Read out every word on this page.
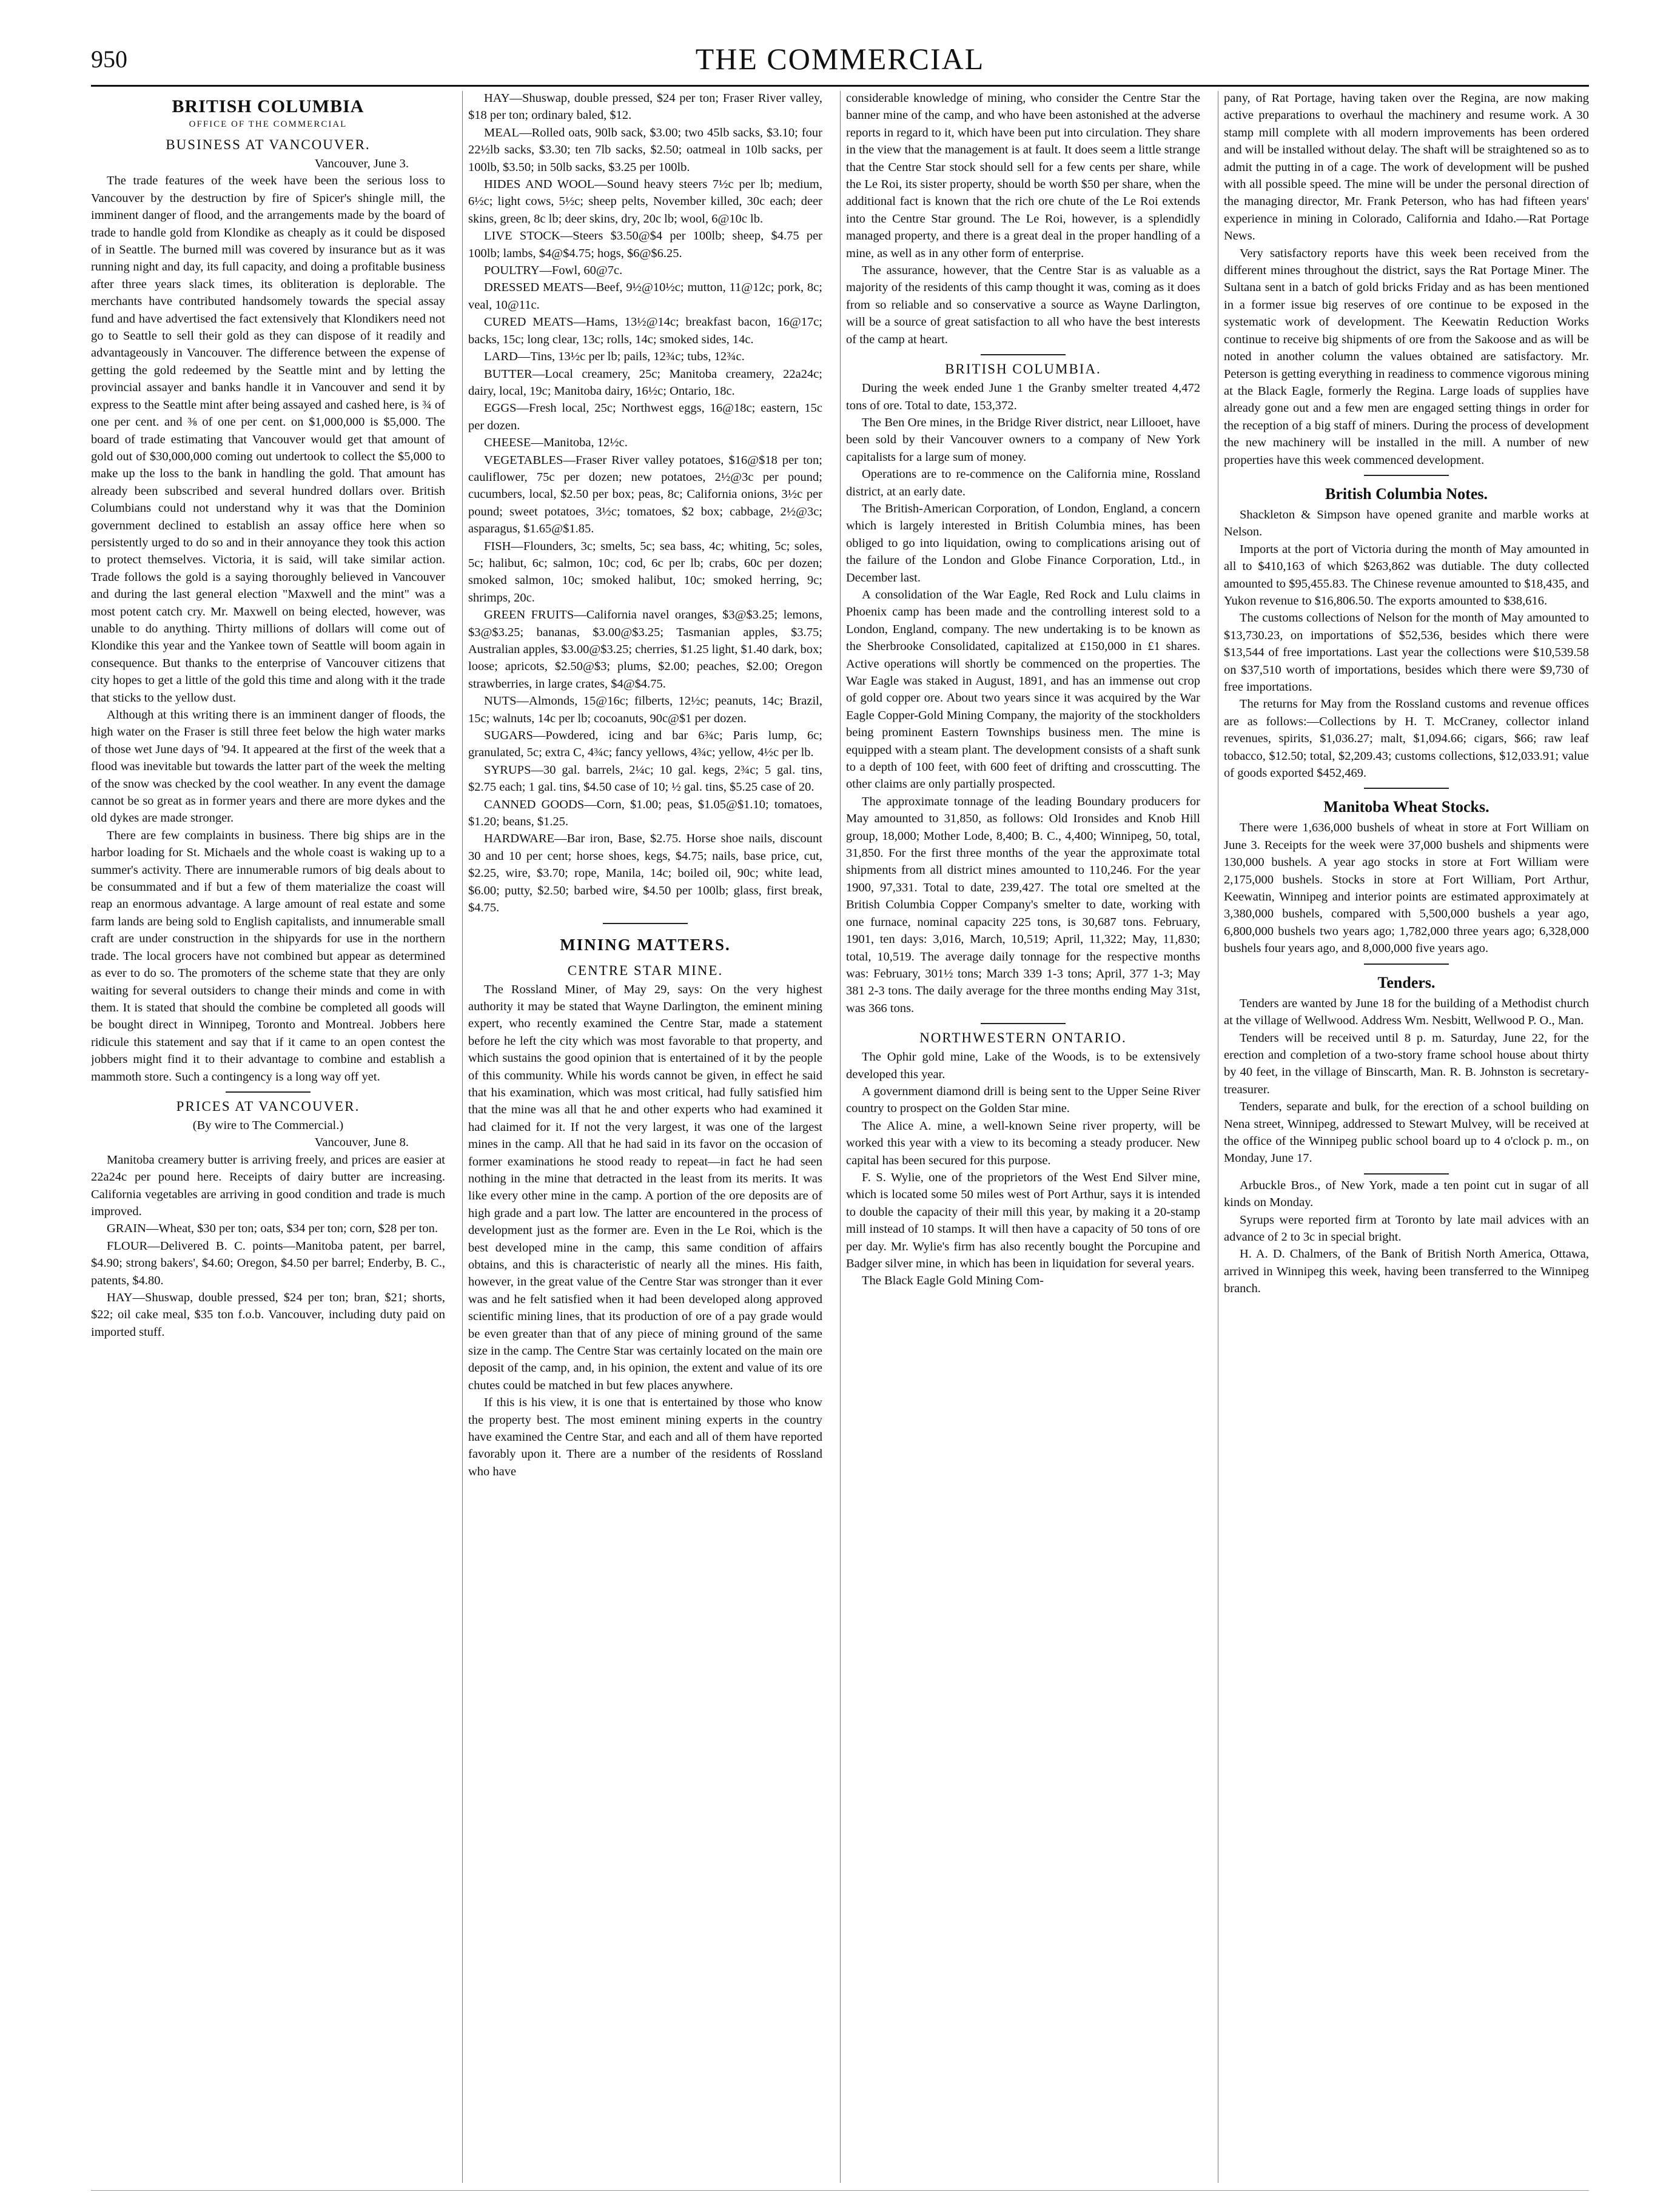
950	THE COMMERCIAL
BRITISH COLUMBIA
OFFICE OF THE COMMERCIAL
BUSINESS AT VANCOUVER.

Vancouver, June 3.

The trade features of the week have been the serious loss to Vancouver by the destruction by fire of Spicer's shingle mill, the imminent danger of flood, and the arrangements made by the board of trade to handle gold from Klondike as cheaply as it could be disposed of in Seattle. The burned mill was covered by insurance but as it was running night and day, its full capacity, and doing a profitable business after three years slack times, its obliteration is deplorable. The merchants have contributed handsomely towards the special assay fund and have advertised the fact extensively that Klondikers need not go to Seattle to sell their gold as they can dispose of it readily and advantageously in Vancouver. The difference between the expense of getting the gold redeemed by the Seattle mint and by letting the provincial assayer and banks handle it in Vancouver and send it by express to the Seattle mint after being assayed and cashed here, is ¾ of one per cent. and ⅜ of one per cent. on $1,000,000 is $5,000. The board of trade estimating that Vancouver would get that amount of gold out of $30,000,000 coming out undertook to collect the $5,000 to make up the loss to the bank in handling the gold. That amount has already been subscribed and several hundred dollars over. British Columbians could not understand why it was that the Dominion government declined to establish an assay office here when so persistently urged to do so and in their annoyance they took this action to protect themselves. Victoria, it is said, will take similar action. Trade follows the gold is a saying thoroughly believed in Vancouver and during the last general election "Maxwell and the mint" was a most potent catch cry. Mr. Maxwell on being elected, however, was unable to do anything. Thirty millions of dollars will come out of Klondike this year and the Yankee town of Seattle will boom again in consequence. But thanks to the enterprise of Vancouver citizens that city hopes to get a little of the gold this time and along with it the trade that sticks to the yellow dust.

Although at this writing there is an imminent danger of floods, the high water on the Fraser is still three feet below the high water marks of those wet June days of '94. It appeared at the first of the week that a flood was inevitable but towards the latter part of the week the melting of the snow was checked by the cool weather. In any event the damage cannot be so great as in former years and there are more dykes and the old dykes are made stronger.

There are few complaints in business. There big ships are in the harbor loading for St. Michaels and the whole coast is waking up to a summer's activity. There are innumerable rumors of big deals about to be consummated and if but a few of them materialize the coast will reap an enormous advantage. A large amount of real estate and some farm lands are being sold to English capitalists, and innumerable small craft are under construction in the shipyards for use in the northern trade. The local grocers have not combined but appear as determined as ever to do so. The promoters of the scheme state that they are only waiting for several outsiders to change their minds and come in with them. It is stated that should the combine be completed all goods will be bought direct in Winnipeg, Toronto and Montreal. Jobbers here ridicule this statement and say that if it came to an open contest the jobbers might find it to their advantage to combine and establish a mammoth store. Such a contingency is a long way off yet.

PRICES AT VANCOUVER.

(By wire to The Commercial.)

Vancouver, June 8.

Manitoba creamery butter is arriving freely, and prices are easier at 22a24c per pound here. Receipts of dairy butter are increasing. California vegetables are arriving in good condition and trade is much improved.

GRAIN—Wheat, $30 per ton; oats, $34 per ton; corn, $28 per ton.

FLOUR—Delivered B. C. points—Manitoba patent, per barrel, $4.90; strong bakers', $4.60; Oregon, $4.50 per barrel; Enderby, B. C., patents, $4.80.

HAY—Shuswap, double pressed, $24 per ton; bran, $21; shorts, $22; oil cake meal, $35 ton f.o.b. Vancouver, including duty paid on imported stuff.

HAY—Shuswap, double pressed, $24 per ton; Fraser River valley, $18 per ton; ordinary baled, $12.

MEAL—Rolled oats, 90lb sack, $3.00; two 45lb sacks, $3.10; four 22½lb sacks, $3.30; ten 7lb sacks, $2.50; oatmeal in 10lb sacks, per 100lb, $3.50; in 50lb sacks, $3.25 per 100lb.

HIDES AND WOOL—Sound heavy steers 7½c per lb; medium, 6½c; light cows, 5½c; sheep pelts, November killed, 30c each; deer skins, green, 8c lb; deer skins, dry, 20c lb; wool, 6@10c lb.

LIVE STOCK—Steers $3.50@$4 per 100lb; sheep, $4.75 per 100lb; lambs, $4@$4.75; hogs, $6@$6.25.

POULTRY—Fowl, 60@7c.

DRESSED MEATS—Beef, 9½@10½c; mutton, 11@12c; pork, 8c; veal, 10@11c.

CURED MEATS—Hams, 13½@14c; breakfast bacon, 16@17c; backs, 15c; long clear, 13c; rolls, 14c; smoked sides, 14c.

LARD—Tins, 13½c per lb; pails, 12¾c; tubs, 12¾c.

BUTTER—Local creamery, 25c; Manitoba creamery, 22a24c; dairy, local, 19c; Manitoba dairy, 16½c; Ontario, 18c.

EGGS—Fresh local, 25c; Northwest eggs, 16@18c; eastern, 15c per dozen.

CHEESE—Manitoba, 12½c.

VEGETABLES—Fraser River valley potatoes, $16@$18 per ton; cauliflower, 75c per dozen; new potatoes, 2½@3c per pound; cucumbers, local, $2.50 per box; peas, 8c; California onions, 3½c per pound; sweet potatoes, 3½c; tomatoes, $2 box; cabbage, 2½@3c; asparagus, $1.65@$1.85.

FISH—Flounders, 3c; smelts, 5c; sea bass, 4c; whiting, 5c; soles, 5c; halibut, 6c; salmon, 10c; cod, 6c per lb; crabs, 60c per dozen; smoked salmon, 10c; smoked halibut, 10c; smoked herring, 9c; shrimps, 20c.

GREEN FRUITS—California navel oranges, $3@$3.25; lemons, $3@$3.25; bananas, $3.00@$3.25; Tasmanian apples, $3.75; Australian apples, $3.00@$3.25; cherries, $1.25 light, $1.40 dark, box; loose; apricots, $2.50@$3; plums, $2.00; peaches, $2.00; Oregon strawberries, in large crates, $4@$4.75.

NUTS—Almonds, 15@16c; filberts, 12½c; peanuts, 14c; Brazil, 15c; walnuts, 14c per lb; cocoanuts, 90c@$1 per dozen.

SUGARS—Powdered, icing and bar 6¾c; Paris lump, 6c; granulated, 5c; extra C, 4¾c; fancy yellows, 4¾c; yellow, 4½c per lb.

SYRUPS—30 gal. barrels, 2¼c; 10 gal. kegs, 2¾c; 5 gal. tins, $2.75 each; 1 gal. tins, $4.50 case of 10; ½ gal. tins, $5.25 case of 20.

CANNED GOODS—Corn, $1.00; peas, $1.05@$1.10; tomatoes, $1.20; beans, $1.25.

HARDWARE—Bar iron, Base, $2.75. Horse shoe nails, discount 30 and 10 per cent; horse shoes, kegs, $4.75; nails, base price, cut, $2.25, wire, $3.70; rope, Manila, 14c; boiled oil, 90c; white lead, $6.00; putty, $2.50; barbed wire, $4.50 per 100lb; glass, first break, $4.75.

MINING MATTERS.
CENTRE STAR MINE.

The Rossland Miner, of May 29, says: On the very highest authority it may be stated that Wayne Darlington, the eminent mining expert, who recently examined the Centre Star, made a statement before he left the city which was most favorable to that property, and which sustains the good opinion that is entertained of it by the people of this community. While his words cannot be given, in effect he said that his examination, which was most critical, had fully satisfied him that the mine was all that he and other experts who had examined it had claimed for it. If not the very largest, it was one of the largest mines in the camp. All that he had said in its favor on the occasion of former examinations he stood ready to repeat—in fact he had seen nothing in the mine that detracted in the least from its merits. It was like every other mine in the camp. A portion of the ore deposits are of high grade and a part low. The latter are encountered in the process of development just as the former are. Even in the Le Roi, which is the best developed mine in the camp, this same condition of affairs obtains, and this is characteristic of nearly all the mines. His faith, however, in the great value of the Centre Star was stronger than it ever was and he felt satisfied when it had been developed along approved scientific mining lines, that its production of ore of a pay grade would be even greater than that of any piece of mining ground of the same size in the camp. The Centre Star was certainly located on the main ore deposit of the camp, and, in his opinion, the extent and value of its ore chutes could be matched in but few places anywhere.

If this is his view, it is one that is entertained by those who know the property best. The most eminent mining experts in the country have examined the Centre Star, and each and all of them have reported favorably upon it. There are a number of the residents of Rossland who have

considerable knowledge of mining, who consider the Centre Star the banner mine of the camp, and who have been astonished at the adverse reports in regard to it, which have been put into circulation. They share in the view that the management is at fault. It does seem a little strange that the Centre Star stock should sell for a few cents per share, while the Le Roi, its sister property, should be worth $50 per share, when the additional fact is known that the rich ore chute of the Le Roi extends into the Centre Star ground. The Le Roi, however, is a splendidly managed property, and there is a great deal in the proper handling of a mine, as well as in any other form of enterprise.

The assurance, however, that the Centre Star is as valuable as a majority of the residents of this camp thought it was, coming as it does from so reliable and so conservative a source as Wayne Darlington, will be a source of great satisfaction to all who have the best interests of the camp at heart.

BRITISH COLUMBIA.

During the week ended June 1 the Granby smelter treated 4,472 tons of ore. Total to date, 153,372.

The Ben Ore mines, in the Bridge River district, near Lillooet, have been sold by their Vancouver owners to a company of New York capitalists for a large sum of money.

Operations are to re-commence on the California mine, Rossland district, at an early date.

The British-American Corporation, of London, England, a concern which is largely interested in British Columbia mines, has been obliged to go into liquidation, owing to complications arising out of the failure of the London and Globe Finance Corporation, Ltd., in December last.

A consolidation of the War Eagle, Red Rock and Lulu claims in Phoenix camp has been made and the controlling interest sold to a London, England, company. The new undertaking is to be known as the Sherbrooke Consolidated, capitalized at £150,000 in £1 shares. Active operations will shortly be commenced on the properties. The War Eagle was staked in August, 1891, and has an immense out crop of gold copper ore. About two years since it was acquired by the War Eagle Copper-Gold Mining Company, the majority of the stockholders being prominent Eastern Townships business men. The mine is equipped with a steam plant. The development consists of a shaft sunk to a depth of 100 feet, with 600 feet of drifting and crosscutting. The other claims are only partially prospected.

The approximate tonnage of the leading Boundary producers for May amounted to 31,850, as follows: Old Ironsides and Knob Hill group, 18,000; Mother Lode, 8,400; B. C., 4,400; Winnipeg, 50, total, 31,850. For the first three months of the year the approximate total shipments from all district mines amounted to 110,246. For the year 1900, 97,331. Total to date, 239,427. The total ore smelted at the British Columbia Copper Company's smelter to date, working with one furnace, nominal capacity 225 tons, is 30,687 tons. February, 1901, ten days: 3,016, March, 10,519; April, 11,322; May, 11,830; total, 10,519. The average daily tonnage for the respective months was: February, 301½ tons; March 339 1-3 tons; April, 377 1-3; May 381 2-3 tons. The daily average for the three months ending May 31st, was 366 tons.

NORTHWESTERN ONTARIO.

The Ophir gold mine, Lake of the Woods, is to be extensively developed this year.

A government diamond drill is being sent to the Upper Seine River country to prospect on the Golden Star mine.

The Alice A. mine, a well-known Seine river property, will be worked this year with a view to its becoming a steady producer. New capital has been secured for this purpose.

F. S. Wylie, one of the proprietors of the West End Silver mine, which is located some 50 miles west of Port Arthur, says it is intended to double the capacity of their mill this year, by making it a 20-stamp mill instead of 10 stamps. It will then have a capacity of 50 tons of ore per day. Mr. Wylie's firm has also recently bought the Porcupine and Badger silver mine, in which has been in liquidation for several years.

The Black Eagle Gold Mining Com-

pany, of Rat Portage, having taken over the Regina, are now making active preparations to overhaul the machinery and resume work. A 30 stamp mill complete with all modern improvements has been ordered and will be installed without delay. The shaft will be straightened so as to admit the putting in of a cage. The work of development will be pushed with all possible speed. The mine will be under the personal direction of the managing director, Mr. Frank Peterson, who has had fifteen years' experience in mining in Colorado, California and Idaho.—Rat Portage News.

Very satisfactory reports have this week been received from the different mines throughout the district, says the Rat Portage Miner. The Sultana sent in a batch of gold bricks Friday and as has been mentioned in a former issue big reserves of ore continue to be exposed in the systematic work of development. The Keewatin Reduction Works continue to receive big shipments of ore from the Sakoose and as will be noted in another column the values obtained are satisfactory. Mr. Peterson is getting everything in readiness to commence vigorous mining at the Black Eagle, formerly the Regina. Large loads of supplies have already gone out and a few men are engaged setting things in order for the reception of a big staff of miners. During the process of development the new machinery will be installed in the mill. A number of new properties have this week commenced development.

British Columbia Notes.

Shackleton & Simpson have opened granite and marble works at Nelson.

Imports at the port of Victoria during the month of May amounted in all to $410,163 of which $263,862 was dutiable. The duty collected amounted to $95,455.83. The Chinese revenue amounted to $18,435, and Yukon revenue to $16,806.50. The exports amounted to $38,616.

The customs collections of Nelson for the month of May amounted to $13,730.23, on importations of $52,536, besides which there were $13,544 of free importations. Last year the collections were $10,539.58 on $37,510 worth of importations, besides which there were $9,730 of free importations.

The returns for May from the Rossland customs and revenue offices are as follows:—Collections by H. T. McCraney, collector inland revenues, spirits, $1,036.27; malt, $1,094.66; cigars, $66; raw leaf tobacco, $12.50; total, $2,209.43; customs collections, $12,033.91; value of goods exported $452,469.

Manitoba Wheat Stocks.

There were 1,636,000 bushels of wheat in store at Fort William on June 3. Receipts for the week were 37,000 bushels and shipments were 130,000 bushels. A year ago stocks in store at Fort William were 2,175,000 bushels. Stocks in store at Fort William, Port Arthur, Keewatin, Winnipeg and interior points are estimated approximately at 3,380,000 bushels, compared with 5,500,000 bushels a year ago, 6,800,000 bushels two years ago; 1,782,000 three years ago; 6,328,000 bushels four years ago, and 8,000,000 five years ago.

Tenders.

Tenders are wanted by June 18 for the building of a Methodist church at the village of Wellwood. Address Wm. Nesbitt, Wellwood P. O., Man.

Tenders will be received until 8 p. m. Saturday, June 22, for the erection and completion of a two-story frame school house about thirty by 40 feet, in the village of Binscarth, Man. R. B. Johnston is secretary-treasurer.

Tenders, separate and bulk, for the erection of a school building on Nena street, Winnipeg, addressed to Stewart Mulvey, will be received at the office of the Winnipeg public school board up to 4 o'clock p. m., on Monday, June 17.

Arbuckle Bros., of New York, made a ten point cut in sugar of all kinds on Monday.

Syrups were reported firm at Toronto by late mail advices with an advance of 2 to 3c in special bright.

H. A. D. Chalmers, of the Bank of British North America, Ottawa, arrived in Winnipeg this week, having been transferred to the Winnipeg branch.
